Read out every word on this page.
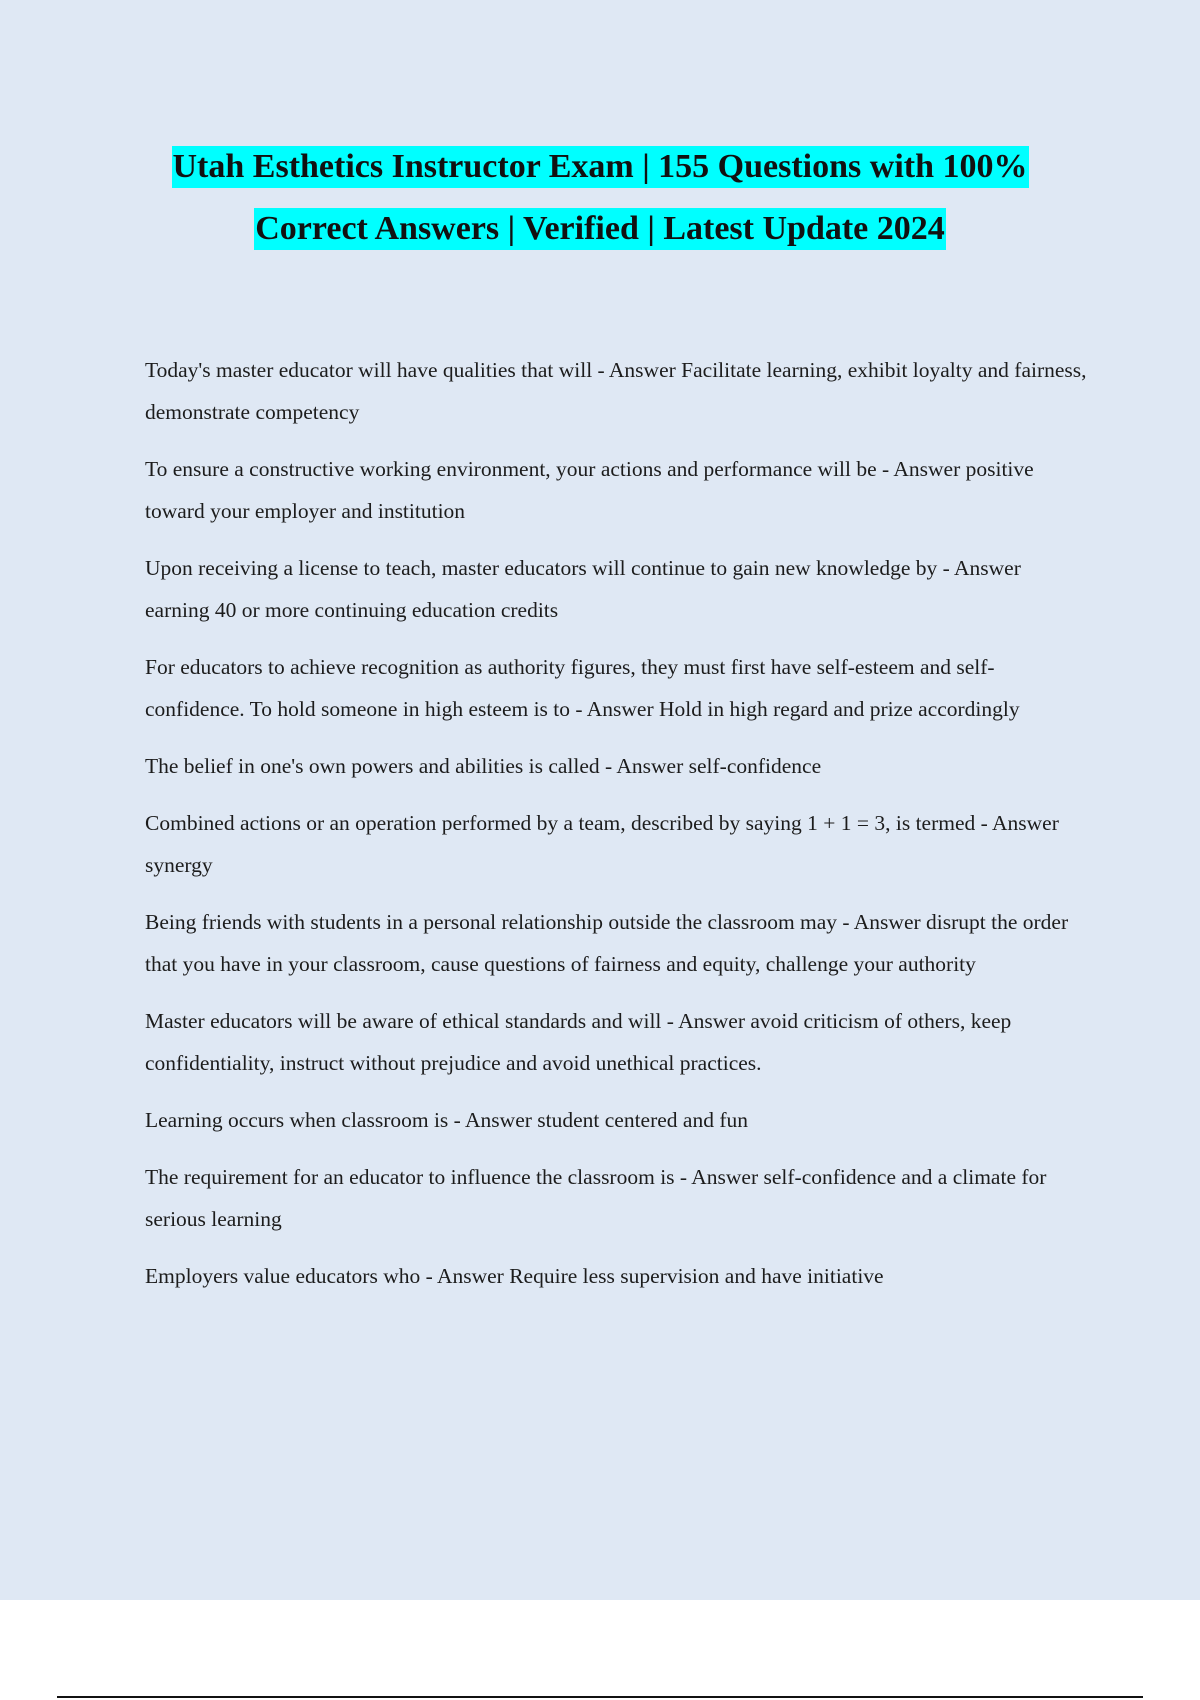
Utah Esthetics Instructor Exam | 155 Questions with 100%
Correct Answers | Verified | Latest Update 2024
Today's master educator will have qualities that will - Answer Facilitate learning, exhibit loyalty and fairness, demonstrate competency
To ensure a constructive working environment, your actions and performance will be - Answer positive toward your employer and institution
Upon receiving a license to teach, master educators will continue to gain new knowledge by - Answer earning 40 or more continuing education credits
For educators to achieve recognition as authority figures, they must first have self-esteem and self-confidence. To hold someone in high esteem is to - Answer Hold in high regard and prize accordingly
The belief in one's own powers and abilities is called - Answer self-confidence
Combined actions or an operation performed by a team, described by saying 1 + 1 = 3, is termed - Answer synergy
Being friends with students in a personal relationship outside the classroom may - Answer disrupt the order that you have in your classroom, cause questions of fairness and equity, challenge your authority
Master educators will be aware of ethical standards and will - Answer avoid criticism of others, keep confidentiality, instruct without prejudice and avoid unethical practices.
Learning occurs when classroom is - Answer student centered and fun
The requirement for an educator to influence the classroom is - Answer self-confidence and a climate for serious learning
Employers value educators who - Answer Require less supervision and have initiative
